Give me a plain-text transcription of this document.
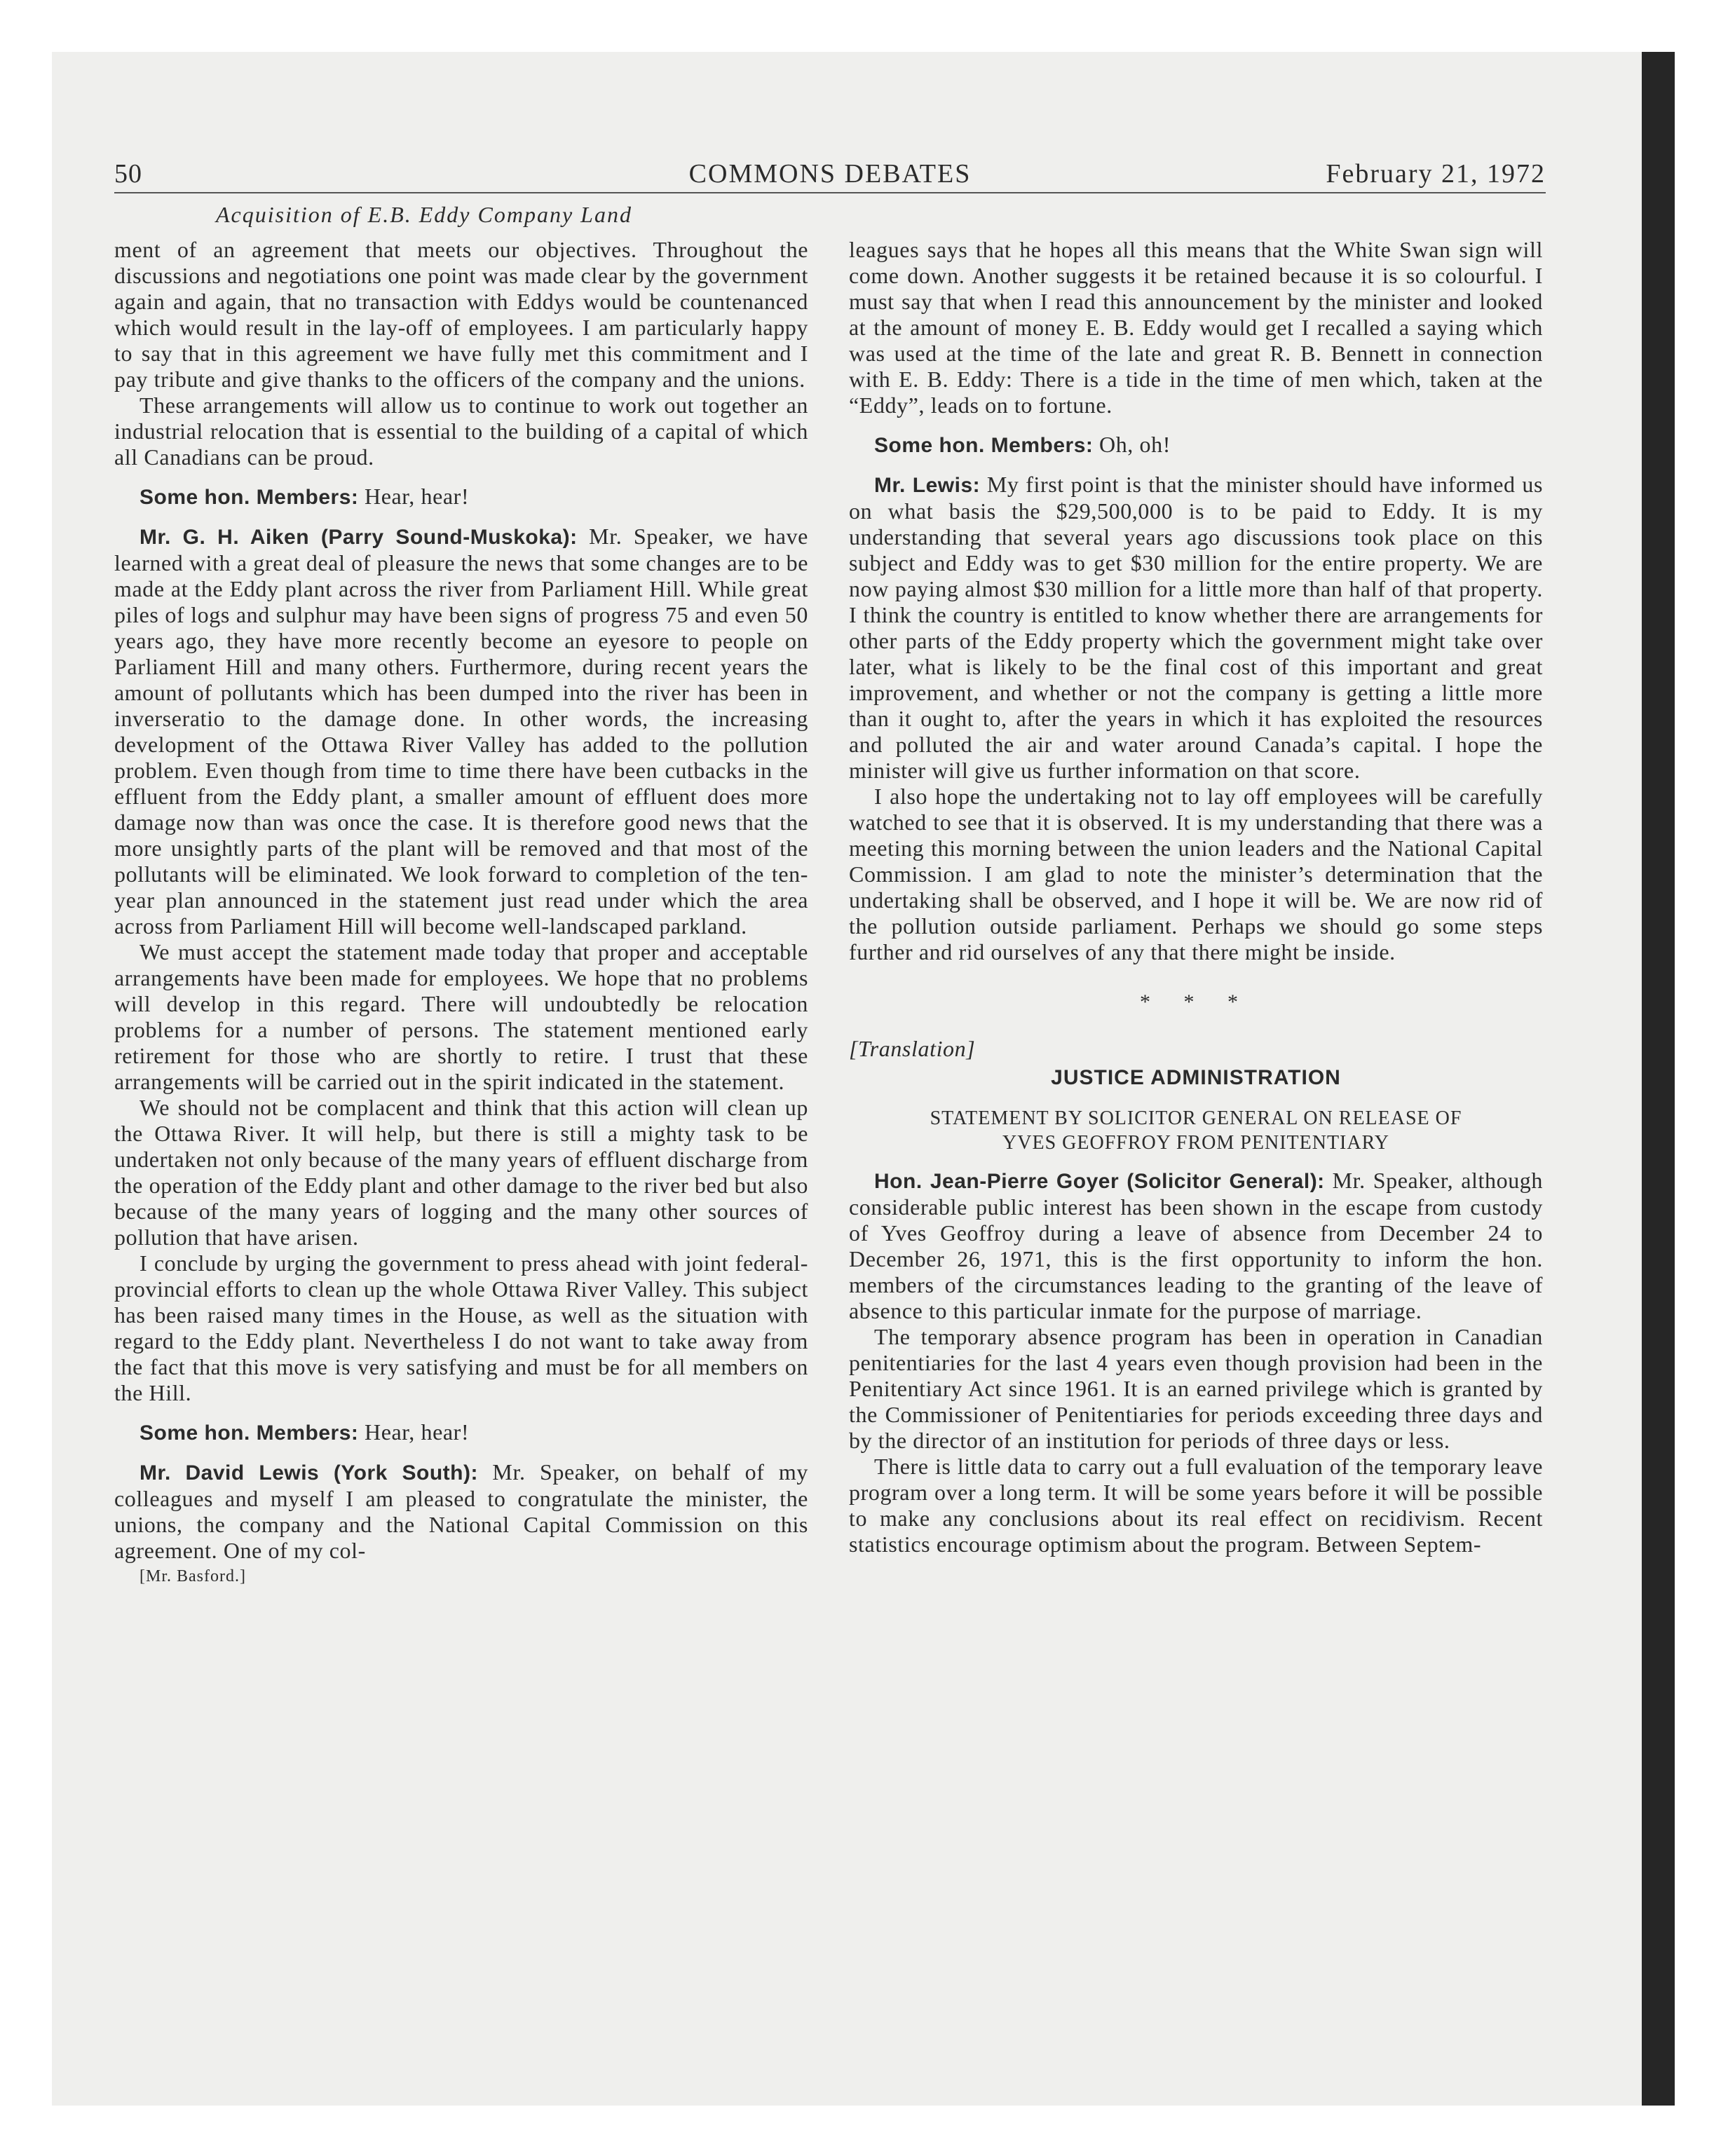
50	COMMONS DEBATES	February 21, 1972
Acquisition of E.B. Eddy Company Land

ment of an agreement that meets our objectives. Throughout the discussions and negotiations one point was made clear by the government again and again, that no transaction with Eddys would be countenanced which would result in the lay-off of employees. I am particularly happy to say that in this agreement we have fully met this commitment and I pay tribute and give thanks to the officers of the company and the unions.

These arrangements will allow us to continue to work out together an industrial relocation that is essential to the building of a capital of which all Canadians can be proud.

Some hon. Members: Hear, hear!

Mr. G. H. Aiken (Parry Sound-Muskoka): Mr. Speaker, we have learned with a great deal of pleasure the news that some changes are to be made at the Eddy plant across the river from Parliament Hill. While great piles of logs and sulphur may have been signs of progress 75 and even 50 years ago, they have more recently become an eyesore to people on Parliament Hill and many others. Furthermore, during recent years the amount of pollutants which has been dumped into the river has been in inverseratio to the damage done. In other words, the increasing development of the Ottawa River Valley has added to the pollution problem. Even though from time to time there have been cutbacks in the effluent from the Eddy plant, a smaller amount of effluent does more damage now than was once the case. It is therefore good news that the more unsightly parts of the plant will be removed and that most of the pollutants will be eliminated. We look forward to completion of the ten-year plan announced in the statement just read under which the area across from Parliament Hill will become well-landscaped parkland.

We must accept the statement made today that proper and acceptable arrangements have been made for employees. We hope that no problems will develop in this regard. There will undoubtedly be relocation problems for a number of persons. The statement mentioned early retirement for those who are shortly to retire. I trust that these arrangements will be carried out in the spirit indicated in the statement.

We should not be complacent and think that this action will clean up the Ottawa River. It will help, but there is still a mighty task to be undertaken not only because of the many years of effluent discharge from the operation of the Eddy plant and other damage to the river bed but also because of the many years of logging and the many other sources of pollution that have arisen.

I conclude by urging the government to press ahead with joint federal-provincial efforts to clean up the whole Ottawa River Valley. This subject has been raised many times in the House, as well as the situation with regard to the Eddy plant. Nevertheless I do not want to take away from the fact that this move is very satisfying and must be for all members on the Hill.

Some hon. Members: Hear, hear!

Mr. David Lewis (York South): Mr. Speaker, on behalf of my colleagues and myself I am pleased to congratulate the minister, the unions, the company and the National Capital Commission on this agreement. One of my col-

[Mr. Basford.]

leagues says that he hopes all this means that the White Swan sign will come down. Another suggests it be retained because it is so colourful. I must say that when I read this announcement by the minister and looked at the amount of money E. B. Eddy would get I recalled a saying which was used at the time of the late and great R. B. Bennett in connection with E. B. Eddy: There is a tide in the time of men which, taken at the “Eddy”, leads on to fortune.

Some hon. Members: Oh, oh!

Mr. Lewis: My first point is that the minister should have informed us on what basis the $29,500,000 is to be paid to Eddy. It is my understanding that several years ago discussions took place on this subject and Eddy was to get $30 million for the entire property. We are now paying almost $30 million for a little more than half of that property. I think the country is entitled to know whether there are arrangements for other parts of the Eddy property which the government might take over later, what is likely to be the final cost of this important and great improvement, and whether or not the company is getting a little more than it ought to, after the years in which it has exploited the resources and polluted the air and water around Canada’s capital. I hope the minister will give us further information on that score.

I also hope the undertaking not to lay off employees will be carefully watched to see that it is observed. It is my understanding that there was a meeting this morning between the union leaders and the National Capital Commission. I am glad to note the minister’s determination that the undertaking shall be observed, and I hope it will be. We are now rid of the pollution outside parliament. Perhaps we should go some steps further and rid ourselves of any that there might be inside.

* * *

[Translation]

JUSTICE ADMINISTRATION
STATEMENT BY SOLICITOR GENERAL ON RELEASE OF
YVES GEOFFROY FROM PENITENTIARY

Hon. Jean-Pierre Goyer (Solicitor General): Mr. Speaker, although considerable public interest has been shown in the escape from custody of Yves Geoffroy during a leave of absence from December 24 to December 26, 1971, this is the first opportunity to inform the hon. members of the circumstances leading to the granting of the leave of absence to this particular inmate for the purpose of marriage.

The temporary absence program has been in operation in Canadian penitentiaries for the last 4 years even though provision had been in the Penitentiary Act since 1961. It is an earned privilege which is granted by the Commissioner of Penitentiaries for periods exceeding three days and by the director of an institution for periods of three days or less.

There is little data to carry out a full evaluation of the temporary leave program over a long term. It will be some years before it will be possible to make any conclusions about its real effect on recidivism. Recent statistics encourage optimism about the program. Between Septem-
